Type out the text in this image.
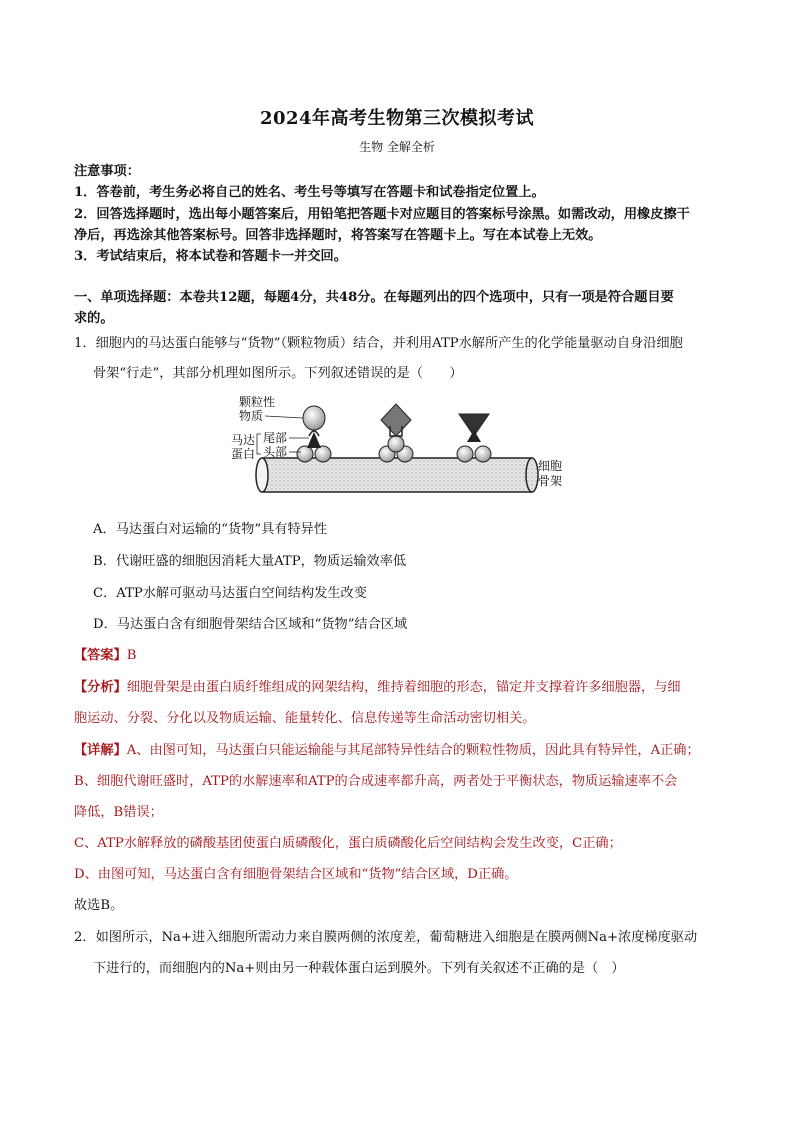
2024年高考生物第三次模拟考试
生物 全解全析
注意事项：
1．答卷前，考生务必将自己的姓名、考生号等填写在答题卡和试卷指定位置上。
2．回答选择题时，选出每小题答案后，用铅笔把答题卡对应题目的答案标号涂黑。如需改动，用橡皮擦干
净后，再选涂其他答案标号。回答非选择题时，将答案写在答题卡上。写在本试卷上无效。
3．考试结束后，将本试卷和答题卡一并交回。
一、单项选择题：本卷共12题，每题4分，共48分。在每题列出的四个选项中，只有一项是符合题目要
求的。
1．细胞内的马达蛋白能够与“货物”（颗粒物质）结合，并利用ATP水解所产生的化学能量驱动自身沿细胞
骨架“行走”，其部分机理如图所示。下列叙述错误的是（　　）
颗粒性
物质
马达
蛋白
尾部
头部
细胞
骨架
A．马达蛋白对运输的“货物”具有特异性
B．代谢旺盛的细胞因消耗大量ATP，物质运输效率低
C．ATP水解可驱动马达蛋白空间结构发生改变
D．马达蛋白含有细胞骨架结合区域和“货物”结合区域
【答案】B
【分析】细胞骨架是由蛋白质纤维组成的网架结构，维持着细胞的形态，锚定并支撑着许多细胞器，与细
胞运动、分裂、分化以及物质运输、能量转化、信息传递等生命活动密切相关。
【详解】A、由图可知，马达蛋白只能运输能与其尾部特异性结合的颗粒性物质，因此具有特异性，A正确；
B、细胞代谢旺盛时，ATP的水解速率和ATP的合成速率都升高，两者处于平衡状态，物质运输速率不会
降低，B错误；
C、ATP水解释放的磷酸基团使蛋白质磷酸化，蛋白质磷酸化后空间结构会发生改变，C正确；
D、由图可知，马达蛋白含有细胞骨架结合区域和“货物”结合区域，D正确。
故选B。
2．如图所示，Na+进入细胞所需动力来自膜两侧的浓度差，葡萄糖进入细胞是在膜两侧Na+浓度梯度驱动
下进行的，而细胞内的Na+则由另一种载体蛋白运到膜外。下列有关叙述不正确的是（　）
